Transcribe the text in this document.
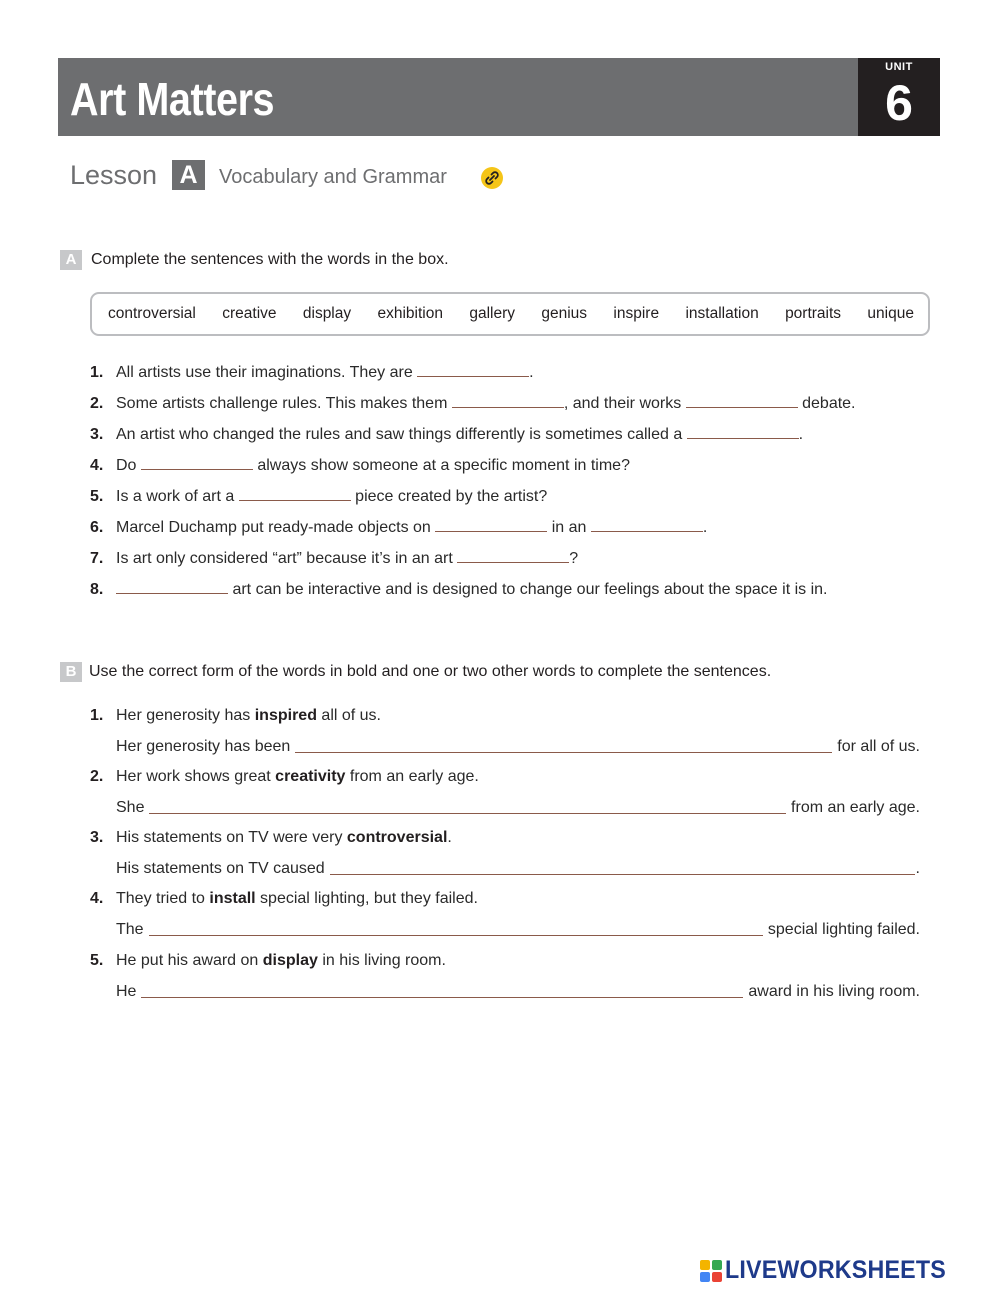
Art Matters
UNIT
6
Lesson A	Vocabulary and Grammar
A Complete the sentences with the words in the box.
controversial creative display exhibition gallery genius inspire installation portraits unique
1. All artists use their imaginations. They are	.
2. Some artists challenge rules. This makes them	, and their works	debate.
3. An artist who changed the rules and saw things differently is sometimes called a	.
4. Do	always show someone at a specific moment in time?
5. Is a work of art a	piece created by the artist?
6. Marcel Duchamp put ready-made objects on	in an	.
7. Is art only considered “art” because it’s in an art	?
8.	art can be interactive and is designed to change our feelings about the space it is in.
B Use the correct form of the words in bold and one or two other words to complete the sentences.
1. Her generosity has inspired all of us.
Her generosity has been	for all of us.
2. Her work shows great creativity from an early age.
She	from an early age.
3. His statements on TV were very controversial.
His statements on TV caused	.
4. They tried to install special lighting, but they failed.
The	special lighting failed.
5. He put his award on display in his living room.
He	award in his living room.
LIVEWORKSHEETS
